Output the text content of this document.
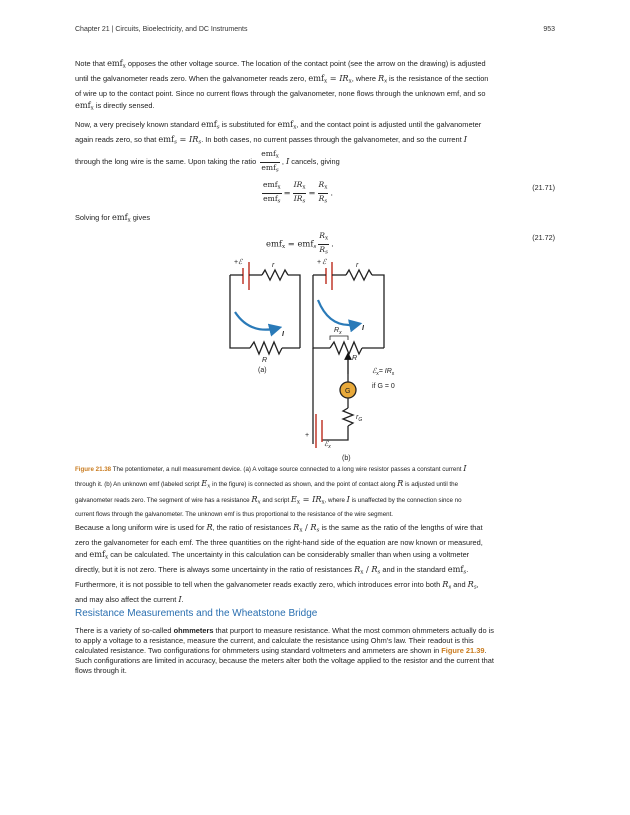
Chapter 21 | Circuits, Bioelectricity, and DC Instruments	953
Note that emf$_x$ opposes the other voltage source. The location of the contact point (see the arrow on the drawing) is adjusted
until the galvanometer reads zero. When the galvanometer reads zero, $emf_x = IR_x$, where $R_x$ is the resistance of the section
of wire up to the contact point. Since no current flows through the galvanometer, none flows through the unknown emf, and so
emf$_x$ is directly sensed.
Now, a very precisely known standard emf$_s$ is substituted for emf$_x$, and the contact point is adjusted until the galvanometer
again reads zero, so that $emf_s = IR_s$. In both cases, no current passes through the galvanometer, and so the current I
through the long wire is the same. Upon taking the ratio $\frac{emf_x}{emf_s}$ , I cancels, giving
$\frac{emf_x}{emf_s} = \frac{IR_x}{IR_s} = \frac{R_x}{R_s}$ .	(21.71)
Solving for emf$_x$ gives
$emf_x = emf_s \frac{R_x}{R_s}$ .
(21.72)
+ ℰ	r
I
R
(a)
+ ℰ	r
I
$R_x$
R
ℰ$_x$= $IR_x$
G
if G = 0
$r_G$
+
ℰ$_x$
(b)
Figure 21.38 The potentiometer, a null measurement device. (a) A voltage source connected to a long wire resistor passes a constant current I
through it. (b) An unknown emf (labeled script $E_x$ in the figure) is connected as shown, and the point of contact along R is adjusted until the
galvanometer reads zero. The segment of wire has a resistance $R_x$ and script $E_x = IR_x$, where I is unaffected by the connection since no
current flows through the galvanometer. The unknown emf is thus proportional to the resistance of the wire segment.
Because a long uniform wire is used for R, the ratio of resistances $R_x / R_s$ is the same as the ratio of the lengths of wire that
zero the galvanometer for each emf. The three quantities on the right-hand side of the equation are now known or measured,
and emf$_x$ can be calculated. The uncertainty in this calculation can be considerably smaller than when using a voltmeter
directly, but it is not zero. There is always some uncertainty in the ratio of resistances $R_x / R_s$ and in the standard emf$_s$.
Furthermore, it is not possible to tell when the galvanometer reads exactly zero, which introduces error into both $R_x$ and $R_s$,
and may also affect the current I.
Resistance Measurements and the Wheatstone Bridge
There is a variety of so-called ohmmeters that purport to measure resistance. What the most common ohmmeters actually do is
to apply a voltage to a resistance, measure the current, and calculate the resistance using Ohm's law. Their readout is this
calculated resistance. Two configurations for ohmmeters using standard voltmeters and ammeters are shown in Figure 21.39.
Such configurations are limited in accuracy, because the meters alter both the voltage applied to the resistor and the current that
flows through it.
